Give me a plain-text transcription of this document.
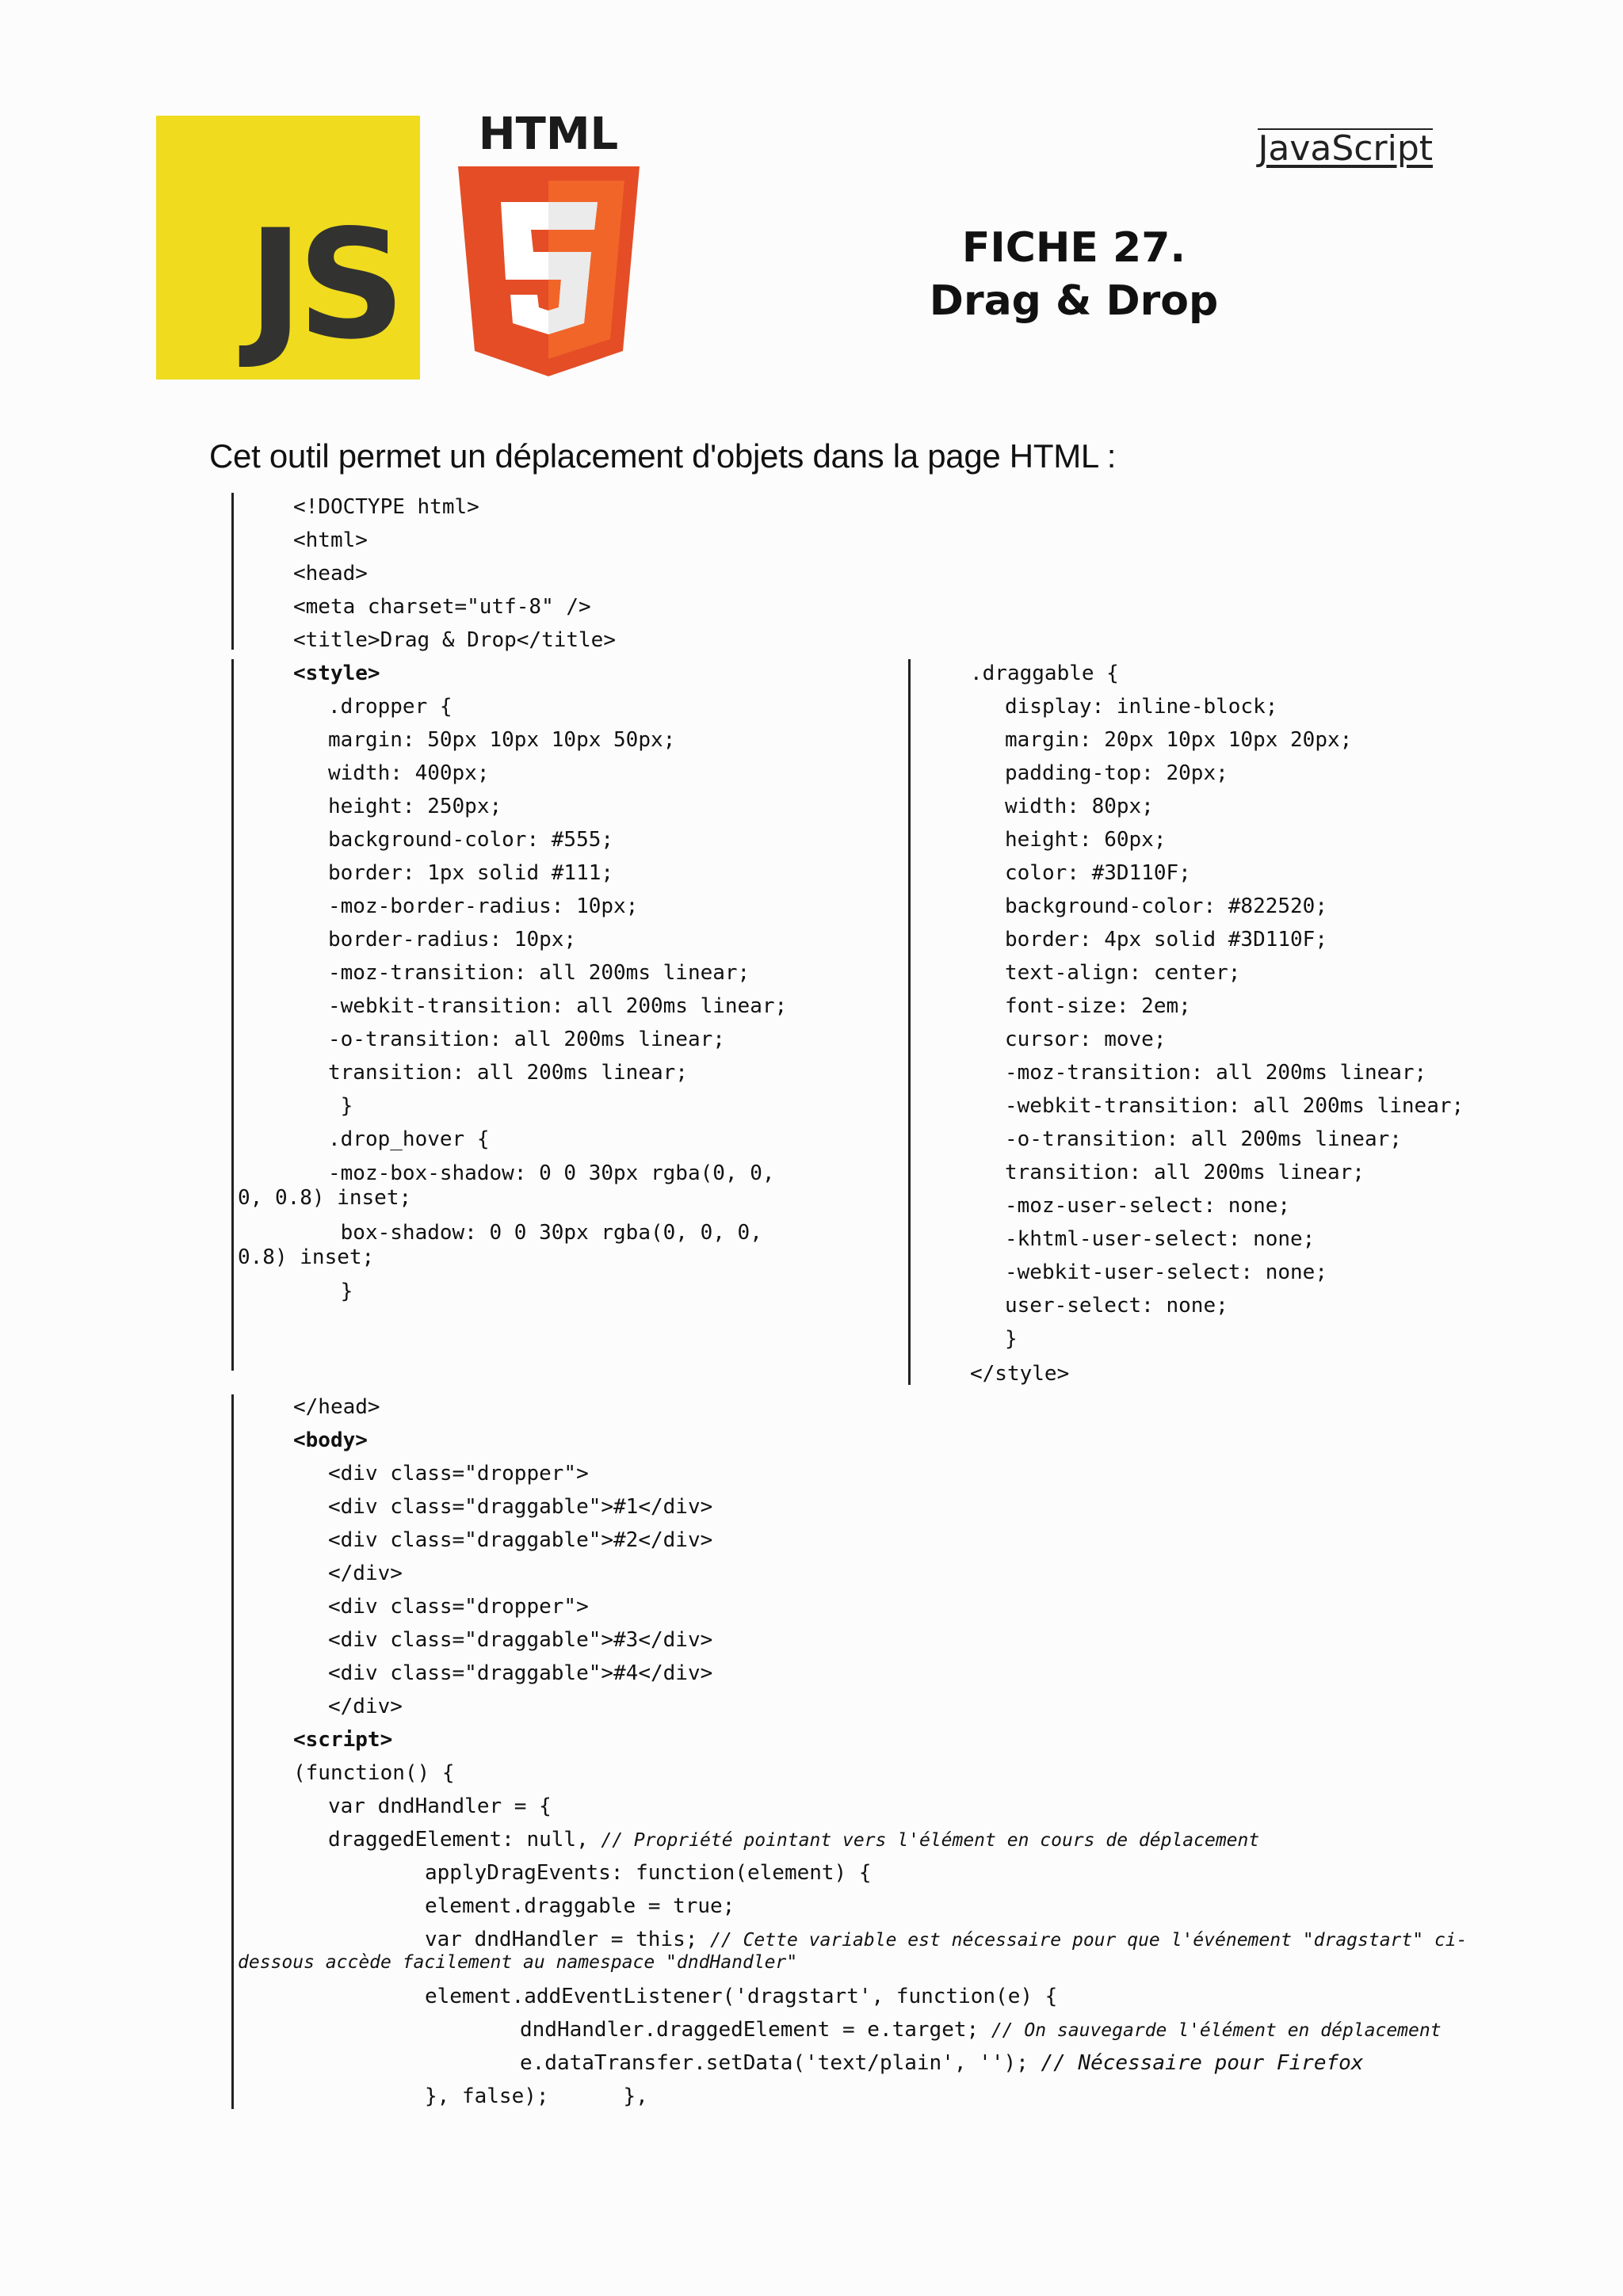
JS
HTML	JavaScript
FICHE 27.
Drag & Drop
Cet outil permet un déplacement d'objets dans la page HTML :
<!DOCTYPE html>
<html>
<head>
<meta charset="utf-8" />
<title>Drag & Drop</title>
<style>
.dropper {
margin: 50px 10px 10px 50px;
width: 400px;
height: 250px;
background-color: #555;
border: 1px solid #111;
-moz-border-radius: 10px;
border-radius: 10px;
-moz-transition: all 200ms linear;
-webkit-transition: all 200ms linear;
-o-transition: all 200ms linear;
transition: all 200ms linear;
}
.drop_hover {
-moz-box-shadow: 0 0 30px rgba(0, 0,
0, 0.8) inset;
box-shadow: 0 0 30px rgba(0, 0, 0,
0.8) inset;
}
.draggable {
display: inline-block;
margin: 20px 10px 10px 20px;
padding-top: 20px;
width: 80px;
height: 60px;
color: #3D110F;
background-color: #822520;
border: 4px solid #3D110F;
text-align: center;
font-size: 2em;
cursor: move;
-moz-transition: all 200ms linear;
-webkit-transition: all 200ms linear;
-o-transition: all 200ms linear;
transition: all 200ms linear;
-moz-user-select: none;
-khtml-user-select: none;
-webkit-user-select: none;
user-select: none;
}
</style>
</head>
<body>
<div class="dropper">
<div class="draggable">#1</div>
<div class="draggable">#2</div>
</div>
<div class="dropper">
<div class="draggable">#3</div>
<div class="draggable">#4</div>
</div>
<script>
(function() {
var dndHandler = {
draggedElement: null, // Propriété pointant vers l'élément en cours de déplacement
applyDragEvents: function(element) {
element.draggable = true;
var dndHandler = this; // Cette variable est nécessaire pour que l'événement "dragstart" ci-
dessous accède facilement au namespace "dndHandler"
element.addEventListener('dragstart', function(e) {
dndHandler.draggedElement = e.target; // On sauvegarde l'élément en déplacement
e.dataTransfer.setData('text/plain', ''); // Nécessaire pour Firefox
}, false);      },
